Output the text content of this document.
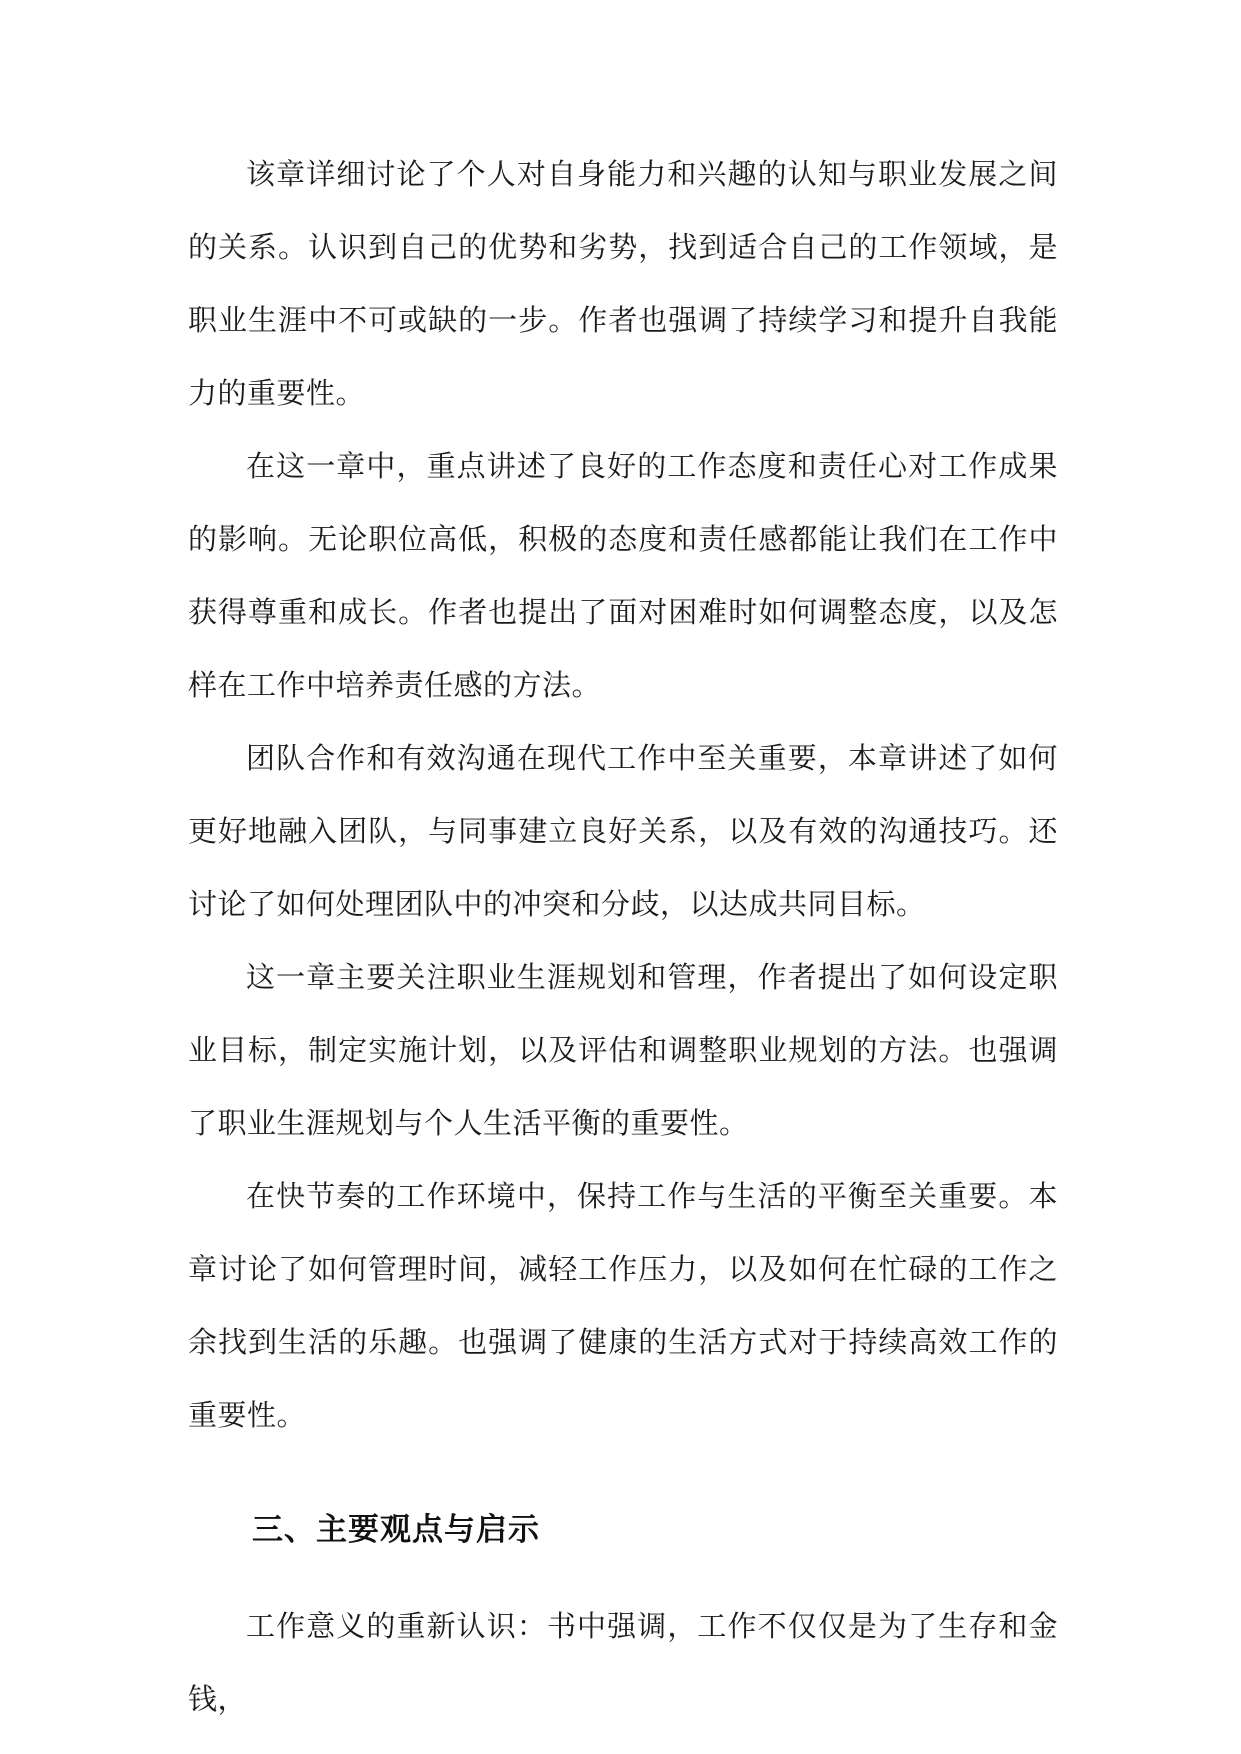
该章详细讨论了个人对自身能力和兴趣的认知与职业发展之间的关系。认识到自己的优势和劣势，找到适合自己的工作领域，是职业生涯中不可或缺的一步。作者也强调了持续学习和提升自我能力的重要性。

在这一章中，重点讲述了良好的工作态度和责任心对工作成果的影响。无论职位高低，积极的态度和责任感都能让我们在工作中获得尊重和成长。作者也提出了面对困难时如何调整态度，以及怎样在工作中培养责任感的方法。

团队合作和有效沟通在现代工作中至关重要，本章讲述了如何更好地融入团队，与同事建立良好关系，以及有效的沟通技巧。还讨论了如何处理团队中的冲突和分歧，以达成共同目标。

这一章主要关注职业生涯规划和管理，作者提出了如何设定职业目标，制定实施计划，以及评估和调整职业规划的方法。也强调了职业生涯规划与个人生活平衡的重要性。

在快节奏的工作环境中，保持工作与生活的平衡至关重要。本章讨论了如何管理时间，减轻工作压力，以及如何在忙碌的工作之余找到生活的乐趣。也强调了健康的生活方式对于持续高效工作的重要性。

三、主要观点与启示

工作意义的重新认识：书中强调，工作不仅仅是为了生存和金钱，
